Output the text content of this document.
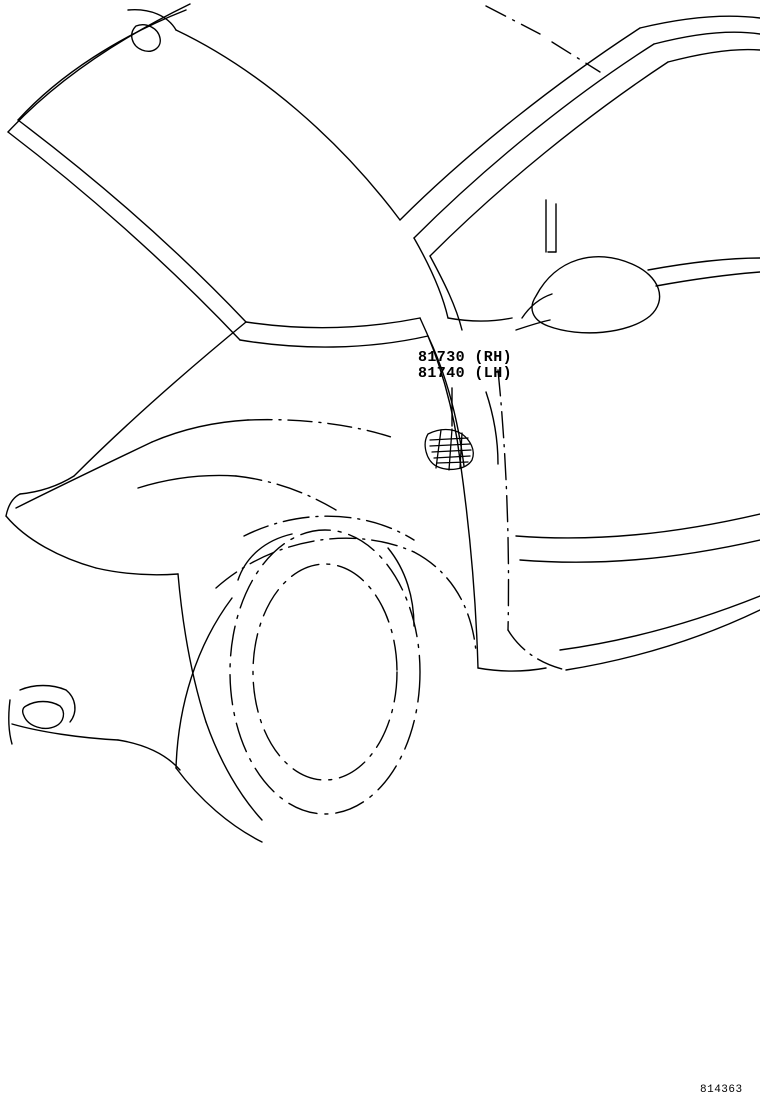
81730 (RH)
81740 (LH)
814363
